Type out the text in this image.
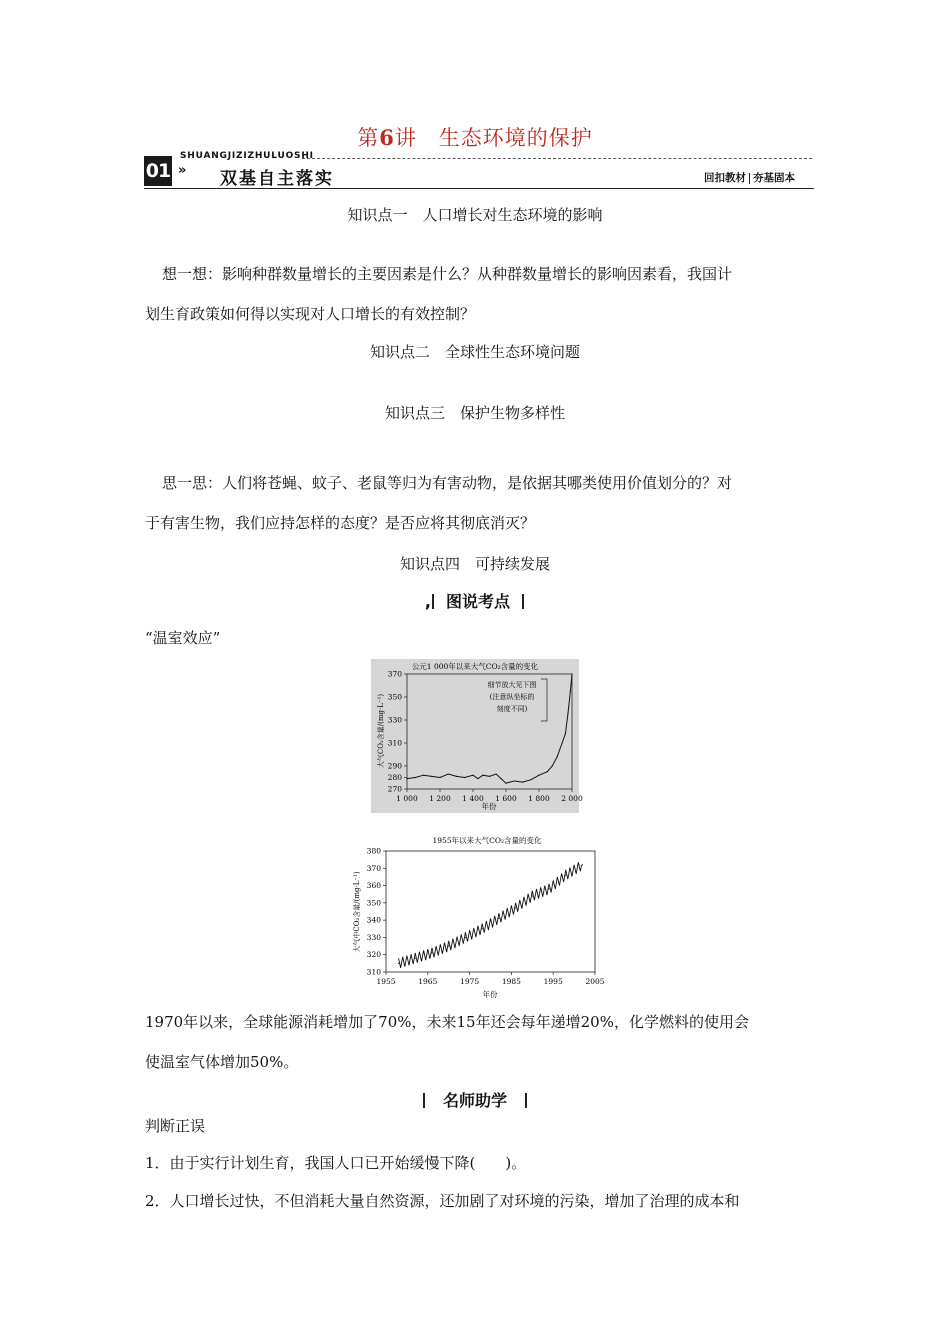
第6讲　生态环境的保护
SHUANGJIZIZHULUOSHI
01 » 双基自主落实	回扣教材 夯基固本
知识点一　人口增长对生态环境的影响
想一想：影响种群数量增长的主要因素是什么？从种群数量增长的影响因素看，我国计
划生育政策如何得以实现对人口增长的有效控制？
知识点二　全球性生态环境问题
知识点三　保护生物多样性
思一思：人们将苍蝇、蚊子、老鼠等归为有害动物，是依据其哪类使用价值划分的？对
于有害生物，我们应持怎样的态度？是否应将其彻底消灭？
知识点四　可持续发展
, 图说考点
“温室效应”
公元1 000年以来大气CO₂含量的变化
270
280
290
310
330
350
370
1 000 1 200 1 400 1 600 1 800 2 000
细节放大见下图
(注意纵坐标的
刻度不同)
年份
大气CO₂含量/(mg·L⁻¹)
1955年以来大气CO₂含量的变化
310
320
330
340
350
360
370
380
1955	1965	1975	1985	1995	2005
年份
大气中CO₂含量/(mg·L⁻¹)
1970年以来，全球能源消耗增加了70%，未来15年还会每年递增20%，化学燃料的使用会
使温室气体增加50%。
名师助学
判断正误
1．由于实行计划生育，我国人口已开始缓慢下降(　　)。
2．人口增长过快，不但消耗大量自然资源，还加剧了对环境的污染，增加了治理的成本和
